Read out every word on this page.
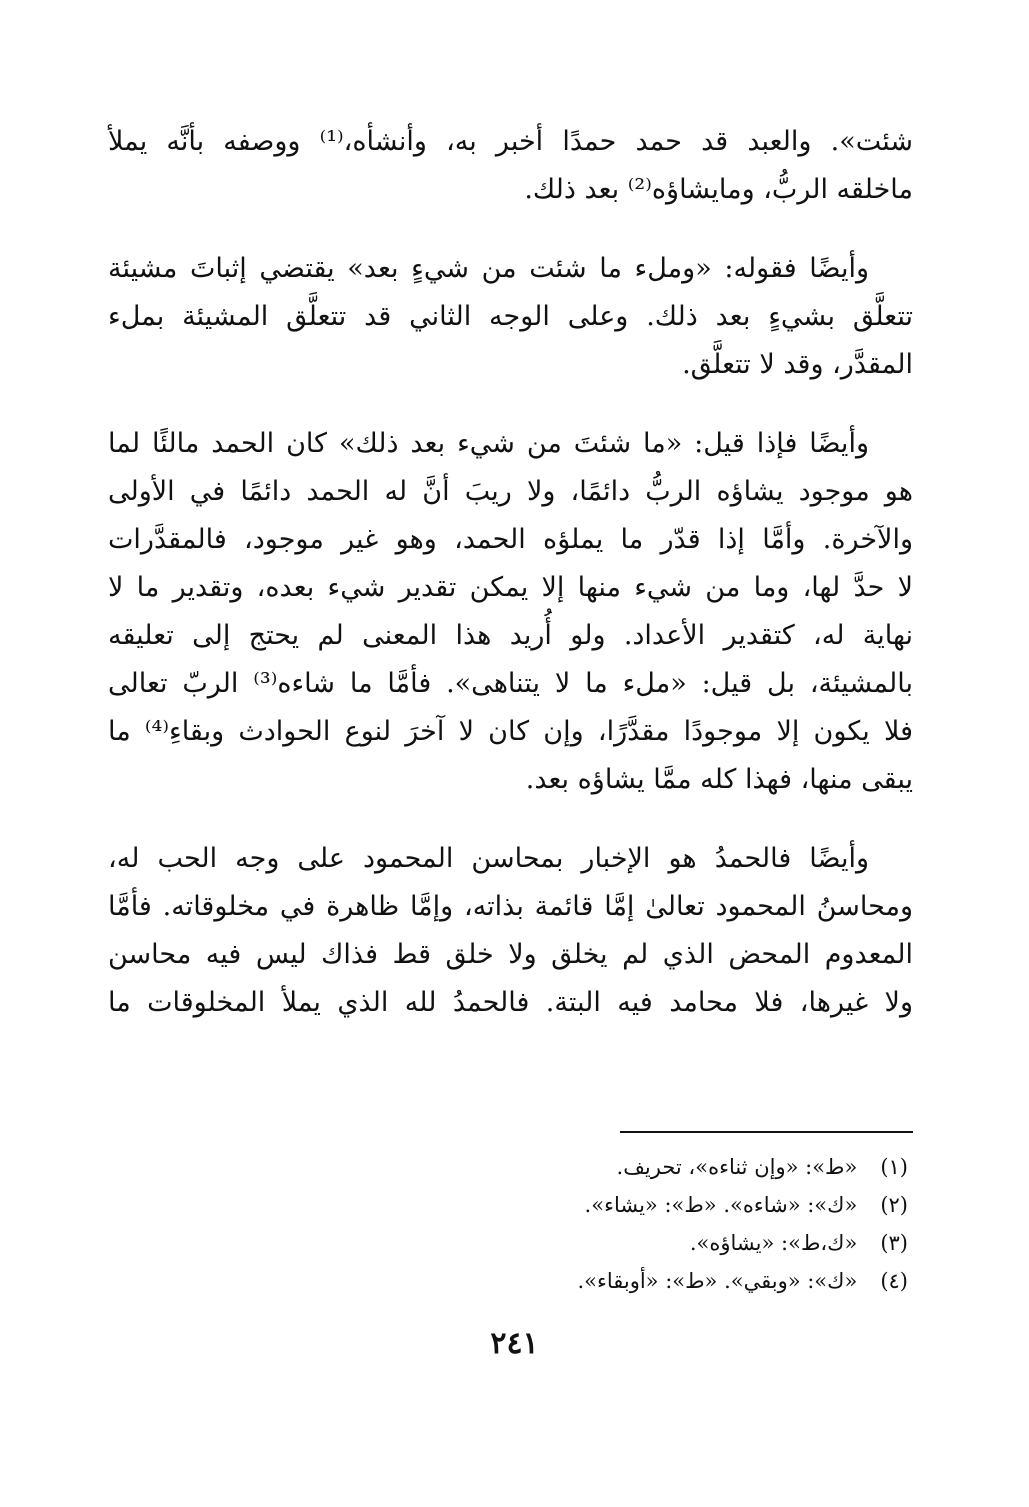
شئت». والعبد قد حمد حمدًا أخبر به، وأنشأه،⁽¹⁾ ووصفه بأنَّه يملأ
ماخلقه الربُّ، ومايشاؤه⁽²⁾ بعد ذلك.

وأيضًا فقوله: «وملء ما شئت من شيءٍ بعد» يقتضي إثباتَ مشيئة
تتعلَّق بشيءٍ بعد ذلك. وعلى الوجه الثاني قد تتعلَّق المشيئة بملء
المقدَّر، وقد لا تتعلَّق.

وأيضًا فإذا قيل: «ما شئتَ من شيء بعد ذلك» كان الحمد مالئًا لما
هو موجود يشاؤه الربُّ دائمًا، ولا ريبَ أنَّ له الحمد دائمًا في الأولى
والآخرة. وأمَّا إذا قدّر ما يملؤه الحمد، وهو غير موجود، فالمقدَّرات
لا حدَّ لها، وما من شيء منها إلا يمكن تقدير شيء بعده، وتقدير ما لا
نهاية له، كتقدير الأعداد. ولو أُريد هذا المعنى لم يحتج إلى تعليقه
بالمشيئة، بل قيل: «ملء ما لا يتناهى». فأمَّا ما شاءه⁽³⁾ الربّ تعالى
فلا يكون إلا موجودًا مقدَّرًا، وإن كان لا آخرَ لنوع الحوادث وبقاءِ⁽⁴⁾ ما
يبقى منها، فهذا كله ممَّا يشاؤه بعد.

وأيضًا فالحمدُ هو الإخبار بمحاسن المحمود على وجه الحب له،
ومحاسنُ المحمود تعالىٰ إمَّا قائمة بذاته، وإمَّا ظاهرة في مخلوقاته. فأمَّا
المعدوم المحض الذي لم يخلق ولا خلق قط فذاك ليس فيه محاسن
ولا غيرها، فلا محامد فيه البتة. فالحمدُ لله الذي يملأ المخلوقات ما

(١) «ط»: «وإن ثناءه»، تحريف.
(٢) «ك»: «شاءه». «ط»: «يشاء».
(٣) «ك،ط»: «يشاؤه».
(٤) «ك»: «وبقي». «ط»: «أوبقاء».
٢٤١
